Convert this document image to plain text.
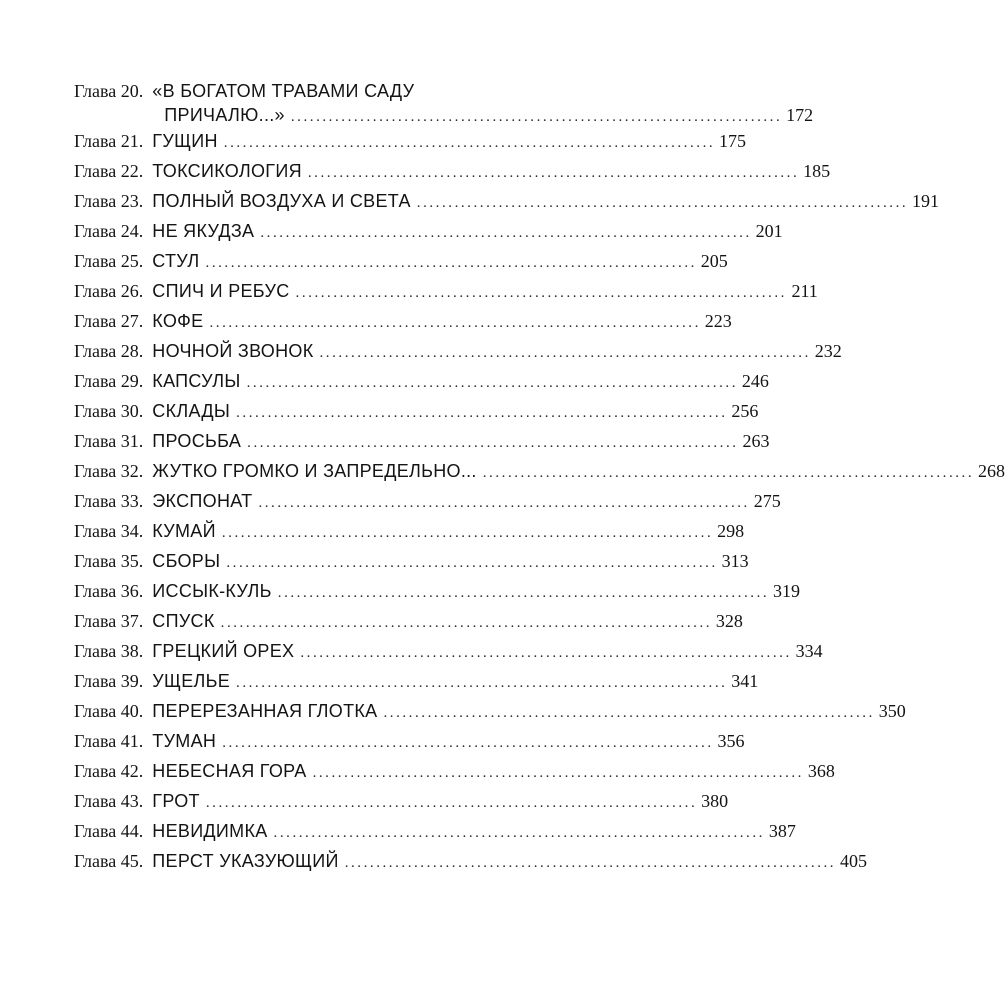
Глава 20. «В БОГАТОМ ТРАВАМИ САДУ
ПРИЧАЛЮ...» . . .	172
Глава 21. ГУЩИН . . .	175
Глава 22. ТОКСИКОЛОГИЯ . . .	185
Глава 23. ПОЛНЫЙ ВОЗДУХА И СВЕТА . . .	191
Глава 24. НЕ ЯКУДЗА . . .	201
Глава 25. СТУЛ . . .	205
Глава 26. СПИЧ И РЕБУС . . .	211
Глава 27. КОФЕ . . .	223
Глава 28. НОЧНОЙ ЗВОНОК . . .	232
Глава 29. КАПСУЛЫ . . .	246
Глава 30. СКЛАДЫ . . .	256
Глава 31. ПРОСЬБА . . .	263
Глава 32. ЖУТКО ГРОМКО И ЗАПРЕДЕЛЬНО... . . .	268
Глава 33. ЭКСПОНАТ . . .	275
Глава 34. КУМАЙ . . .	298
Глава 35. СБОРЫ . . .	313
Глава 36. ИССЫК-КУЛЬ . . .	319
Глава 37. СПУСК . . .	328
Глава 38. ГРЕЦКИЙ ОРЕХ . . .	334
Глава 39. УЩЕЛЬЕ . . .	341
Глава 40. ПЕРЕРЕЗАННАЯ ГЛОТКА . . .	350
Глава 41. ТУМАН . . .	356
Глава 42. НЕБЕСНАЯ ГОРА . . .	368
Глава 43. ГРОТ . . .	380
Глава 44. НЕВИДИМКА . . .	387
Глава 45. ПЕРСТ УКАЗУЮЩИЙ . . .	405
